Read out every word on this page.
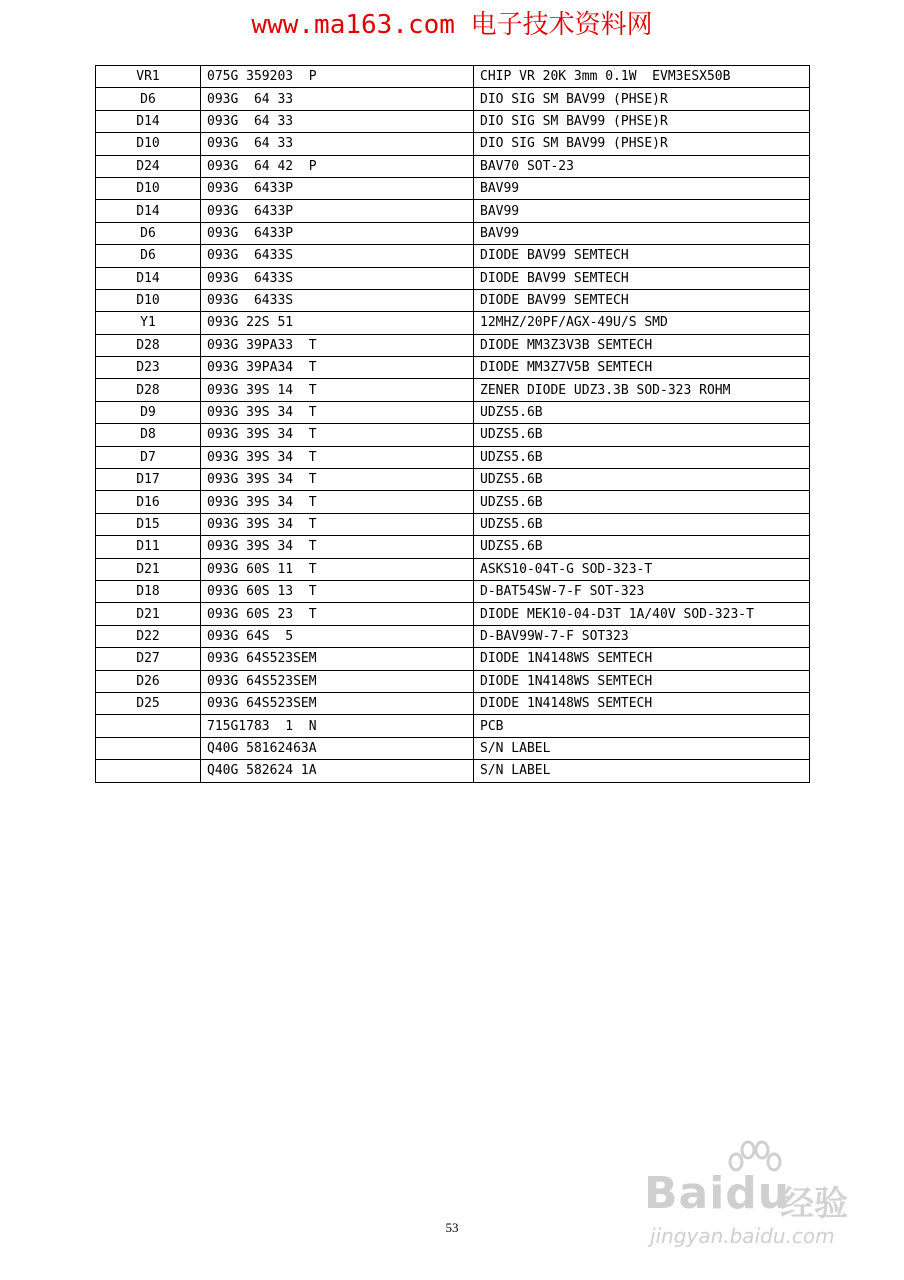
www.ma163.com 电子技术资料网
VR1	075G 359203  P	CHIP VR 20K 3mm 0.1W  EVM3ESX50B
D6	093G  64 33	DIO SIG SM BAV99 (PHSE)R
D14	093G  64 33	DIO SIG SM BAV99 (PHSE)R
D10	093G  64 33	DIO SIG SM BAV99 (PHSE)R
D24	093G  64 42  P	BAV70 SOT-23
D10	093G  6433P	BAV99
D14	093G  6433P	BAV99
D6	093G  6433P	BAV99
D6	093G  6433S	DIODE BAV99 SEMTECH
D14	093G  6433S	DIODE BAV99 SEMTECH
D10	093G  6433S	DIODE BAV99 SEMTECH
Y1	093G 22S 51	12MHZ/20PF/AGX-49U/S SMD
D28	093G 39PA33  T	DIODE MM3Z3V3B SEMTECH
D23	093G 39PA34  T	DIODE MM3Z7V5B SEMTECH
D28	093G 39S 14  T	ZENER DIODE UDZ3.3B SOD-323 ROHM
D9	093G 39S 34  T	UDZS5.6B
D8	093G 39S 34  T	UDZS5.6B
D7	093G 39S 34  T	UDZS5.6B
D17	093G 39S 34  T	UDZS5.6B
D16	093G 39S 34  T	UDZS5.6B
D15	093G 39S 34  T	UDZS5.6B
D11	093G 39S 34  T	UDZS5.6B
D21	093G 60S 11  T	ASKS10-04T-G SOD-323-T
D18	093G 60S 13  T	D-BAT54SW-7-F SOT-323
D21	093G 60S 23  T	DIODE MEK10-04-D3T 1A/40V SOD-323-T
D22	093G 64S  5	D-BAV99W-7-F SOT323
D27	093G 64S523SEM	DIODE 1N4148WS SEMTECH
D26	093G 64S523SEM	DIODE 1N4148WS SEMTECH
D25	093G 64S523SEM	DIODE 1N4148WS SEMTECH
	715G1783  1  N	PCB
	Q40G 58162463A	S/N LABEL
	Q40G 582624 1A	S/N LABEL
53
Baidu
经验
jingyan.baidu.com
